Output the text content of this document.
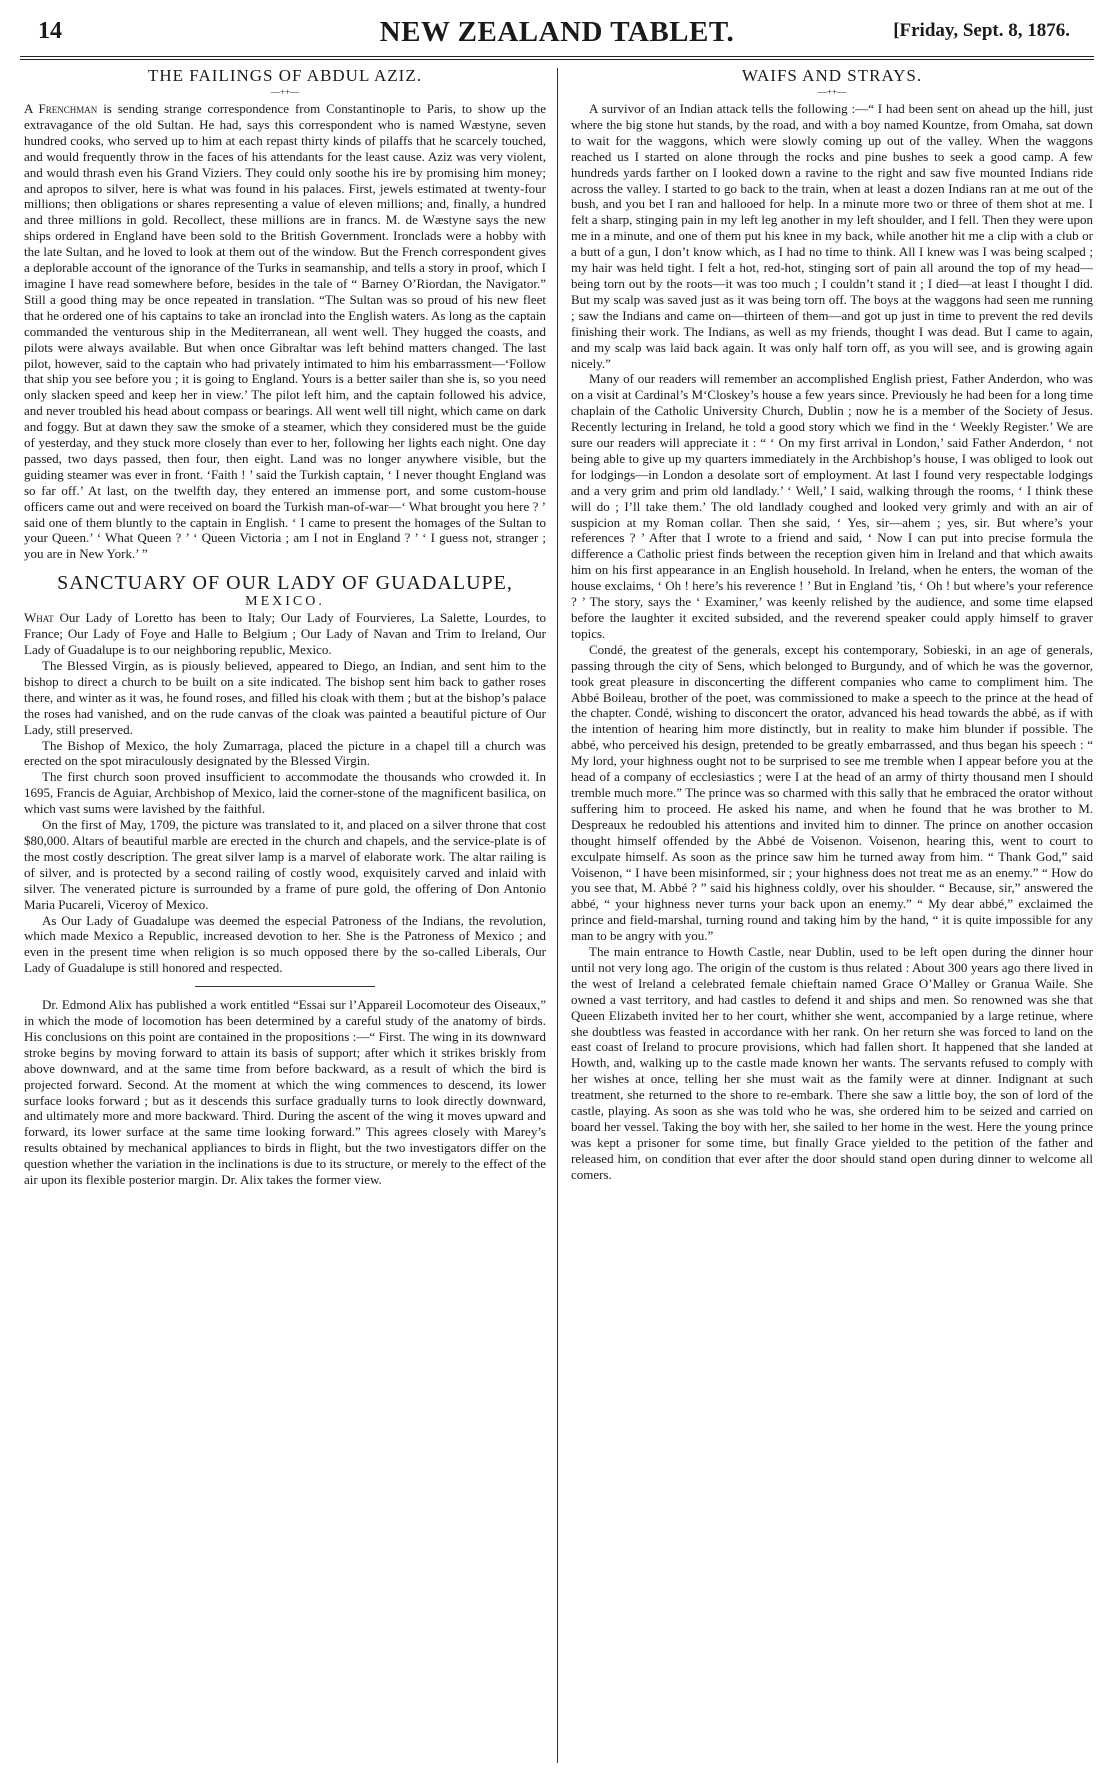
14	NEW ZEALAND TABLET.	[Friday, Sept. 8, 1876.
THE FAILINGS OF ABDUL AZIZ.
—++—

A Frenchman is sending strange correspondence from Constantinople to Paris, to show up the extravagance of the old Sultan. He had, says this correspondent who is named Wæstyne, seven hundred cooks, who served up to him at each repast thirty kinds of pilaffs that he scarcely touched, and would frequently throw in the faces of his attendants for the least cause. Aziz was very violent, and would thrash even his Grand Viziers. They could only soothe his ire by promising him money; and apropos to silver, here is what was found in his palaces. First, jewels estimated at twenty-four millions; then obligations or shares representing a value of eleven millions; and, finally, a hundred and three millions in gold. Recollect, these millions are in francs. M. de Wæstyne says the new ships ordered in England have been sold to the British Government. Ironclads were a hobby with the late Sultan, and he loved to look at them out of the window. But the French correspondent gives a deplorable account of the ignorance of the Turks in seamanship, and tells a story in proof, which I imagine I have read somewhere before, besides in the tale of “ Barney O’Riordan, the Navigator.” Still a good thing may be once repeated in translation. “The Sultan was so proud of his new fleet that he ordered one of his captains to take an ironclad into the English waters. As long as the captain commanded the venturous ship in the Mediterranean, all went well. They hugged the coasts, and pilots were always available. But when once Gibraltar was left behind matters changed. The last pilot, however, said to the captain who had privately intimated to him his embarrassment—‘Follow that ship you see before you ; it is going to England. Yours is a better sailer than she is, so you need only slacken speed and keep her in view.’ The pilot left him, and the captain followed his advice, and never troubled his head about compass or bearings. All went well till night, which came on dark and foggy. But at dawn they saw the smoke of a steamer, which they considered must be the guide of yesterday, and they stuck more closely than ever to her, following her lights each night. One day passed, two days passed, then four, then eight. Land was no longer anywhere visible, but the guiding steamer was ever in front. ‘Faith ! ’ said the Turkish captain, ‘ I never thought England was so far off.’ At last, on the twelfth day, they entered an immense port, and some custom-house officers came out and were received on board the Turkish man-of-war—‘ What brought you here ? ’ said one of them bluntly to the captain in English. ‘ I came to present the homages of the Sultan to your Queen.’ ‘ What Queen ? ’ ‘ Queen Victoria ; am I not in England ? ’ ‘ I guess not, stranger ; you are in New York.’ ”

SANCTUARY OF OUR LADY OF GUADALUPE,
MEXICO.

What Our Lady of Loretto has been to Italy; Our Lady of Fourvieres, La Salette, Lourdes, to France; Our Lady of Foye and Halle to Belgium ; Our Lady of Navan and Trim to Ireland, Our Lady of Guadalupe is to our neighboring republic, Mexico.

The Blessed Virgin, as is piously believed, appeared to Diego, an Indian, and sent him to the bishop to direct a church to be built on a site indicated. The bishop sent him back to gather roses there, and winter as it was, he found roses, and filled his cloak with them ; but at the bishop’s palace the roses had vanished, and on the rude canvas of the cloak was painted a beautiful picture of Our Lady, still preserved.

The Bishop of Mexico, the holy Zumarraga, placed the picture in a chapel till a church was erected on the spot miraculously designated by the Blessed Virgin.

The first church soon proved insufficient to accommodate the thousands who crowded it. In 1695, Francis de Aguiar, Archbishop of Mexico, laid the corner-stone of the magnificent basilica, on which vast sums were lavished by the faithful.

On the first of May, 1709, the picture was translated to it, and placed on a silver throne that cost $80,000. Altars of beautiful marble are erected in the church and chapels, and the service-plate is of the most costly description. The great silver lamp is a marvel of elaborate work. The altar railing is of silver, and is protected by a second railing of costly wood, exquisitely carved and inlaid with silver. The venerated picture is surrounded by a frame of pure gold, the offering of Don Antonio Maria Pucareli, Viceroy of Mexico.

As Our Lady of Guadalupe was deemed the especial Patroness of the Indians, the revolution, which made Mexico a Republic, increased devotion to her. She is the Patroness of Mexico ; and even in the present time when religion is so much opposed there by the so-called Liberals, Our Lady of Guadalupe is still honored and respected.

Dr. Edmond Alix has published a work entitled “Essai sur l’Appareil Locomoteur des Oiseaux,” in which the mode of locomotion has been determined by a careful study of the anatomy of birds. His conclusions on this point are contained in the propositions :—“ First. The wing in its downward stroke begins by moving forward to attain its basis of support; after which it strikes briskly from above downward, and at the same time from before backward, as a result of which the bird is projected forward. Second. At the moment at which the wing commences to descend, its lower surface looks forward ; but as it descends this surface gradually turns to look directly downward, and ultimately more and more backward. Third. During the ascent of the wing it moves upward and forward, its lower surface at the same time looking forward.” This agrees closely with Marey’s results obtained by mechanical appliances to birds in flight, but the two investigators differ on the question whether the variation in the inclinations is due to its structure, or merely to the effect of the air upon its flexible posterior margin. Dr. Alix takes the former view.

WAIFS AND STRAYS.
—++—

A survivor of an Indian attack tells the following :—“ I had been sent on ahead up the hill, just where the big stone hut stands, by the road, and with a boy named Kountze, from Omaha, sat down to wait for the waggons, which were slowly coming up out of the valley. When the waggons reached us I started on alone through the rocks and pine bushes to seek a good camp. A few hundreds yards farther on I looked down a ravine to the right and saw five mounted Indians ride across the valley. I started to go back to the train, when at least a dozen Indians ran at me out of the bush, and you bet I ran and hallooed for help. In a minute more two or three of them shot at me. I felt a sharp, stinging pain in my left leg another in my left shoulder, and I fell. Then they were upon me in a minute, and one of them put his knee in my back, while another hit me a clip with a club or a butt of a gun, I don’t know which, as I had no time to think. All I knew was I was being scalped ; my hair was held tight. I felt a hot, red-hot, stinging sort of pain all around the top of my head—being torn out by the roots—it was too much ; I couldn’t stand it ; I died—at least I thought I did. But my scalp was saved just as it was being torn off. The boys at the waggons had seen me running ; saw the Indians and came on—thirteen of them—and got up just in time to prevent the red devils finishing their work. The Indians, as well as my friends, thought I was dead. But I came to again, and my scalp was laid back again. It was only half torn off, as you will see, and is growing again nicely.”

Many of our readers will remember an accomplished English priest, Father Anderdon, who was on a visit at Cardinal’s M‘Closkey’s house a few years since. Previously he had been for a long time chaplain of the Catholic University Church, Dublin ; now he is a member of the Society of Jesus. Recently lecturing in Ireland, he told a good story which we find in the ‘ Weekly Register.’ We are sure our readers will appreciate it : “ ‘ On my first arrival in London,’ said Father Anderdon, ‘ not being able to give up my quarters immediately in the Archbishop’s house, I was obliged to look out for lodgings—in London a desolate sort of employment. At last I found very respectable lodgings and a very grim and prim old landlady.’ ‘ Well,’ I said, walking through the rooms, ‘ I think these will do ; I’ll take them.’ The old landlady coughed and looked very grimly and with an air of suspicion at my Roman collar. Then she said, ‘ Yes, sir—ahem ; yes, sir. But where’s your references ? ’ After that I wrote to a friend and said, ‘ Now I can put into precise formula the difference a Catholic priest finds between the reception given him in Ireland and that which awaits him on his first appearance in an English household. In Ireland, when he enters, the woman of the house exclaims, ‘ Oh ! here’s his reverence ! ’ But in England ’tis, ‘ Oh ! but where’s your reference ? ’ The story, says the ‘ Examiner,’ was keenly relished by the audience, and some time elapsed before the laughter it excited subsided, and the reverend speaker could apply himself to graver topics.

Condé, the greatest of the generals, except his contemporary, Sobieski, in an age of generals, passing through the city of Sens, which belonged to Burgundy, and of which he was the governor, took great pleasure in disconcerting the different companies who came to compliment him. The Abbé Boileau, brother of the poet, was commissioned to make a speech to the prince at the head of the chapter. Condé, wishing to disconcert the orator, advanced his head towards the abbé, as if with the intention of hearing him more distinctly, but in reality to make him blunder if possible. The abbé, who perceived his design, pretended to be greatly embarrassed, and thus began his speech : “ My lord, your highness ought not to be surprised to see me tremble when I appear before you at the head of a company of ecclesiastics ; were I at the head of an army of thirty thousand men I should tremble much more.” The prince was so charmed with this sally that he embraced the orator without suffering him to proceed. He asked his name, and when he found that he was brother to M. Despreaux he redoubled his attentions and invited him to dinner. The prince on another occasion thought himself offended by the Abbé de Voisenon. Voisenon, hearing this, went to court to exculpate himself. As soon as the prince saw him he turned away from him. “ Thank God,” said Voisenon, “ I have been misinformed, sir ; your highness does not treat me as an enemy.” “ How do you see that, M. Abbé ? ” said his highness coldly, over his shoulder. “ Because, sir,” answered the abbé, “ your highness never turns your back upon an enemy.” “ My dear abbé,” exclaimed the prince and field-marshal, turning round and taking him by the hand, “ it is quite impossible for any man to be angry with you.”

The main entrance to Howth Castle, near Dublin, used to be left open during the dinner hour until not very long ago. The origin of the custom is thus related : About 300 years ago there lived in the west of Ireland a celebrated female chieftain named Grace O’Malley or Granua Waile. She owned a vast territory, and had castles to defend it and ships and men. So renowned was she that Queen Elizabeth invited her to her court, whither she went, accompanied by a large retinue, where she doubtless was feasted in accordance with her rank. On her return she was forced to land on the east coast of Ireland to procure provisions, which had fallen short. It happened that she landed at Howth, and, walking up to the castle made known her wants. The servants refused to comply with her wishes at once, telling her she must wait as the family were at dinner. Indignant at such treatment, she returned to the shore to re-embark. There she saw a little boy, the son of lord of the castle, playing. As soon as she was told who he was, she ordered him to be seized and carried on board her vessel. Taking the boy with her, she sailed to her home in the west. Here the young prince was kept a prisoner for some time, but finally Grace yielded to the petition of the father and released him, on condition that ever after the door should stand open during dinner to welcome all comers.
